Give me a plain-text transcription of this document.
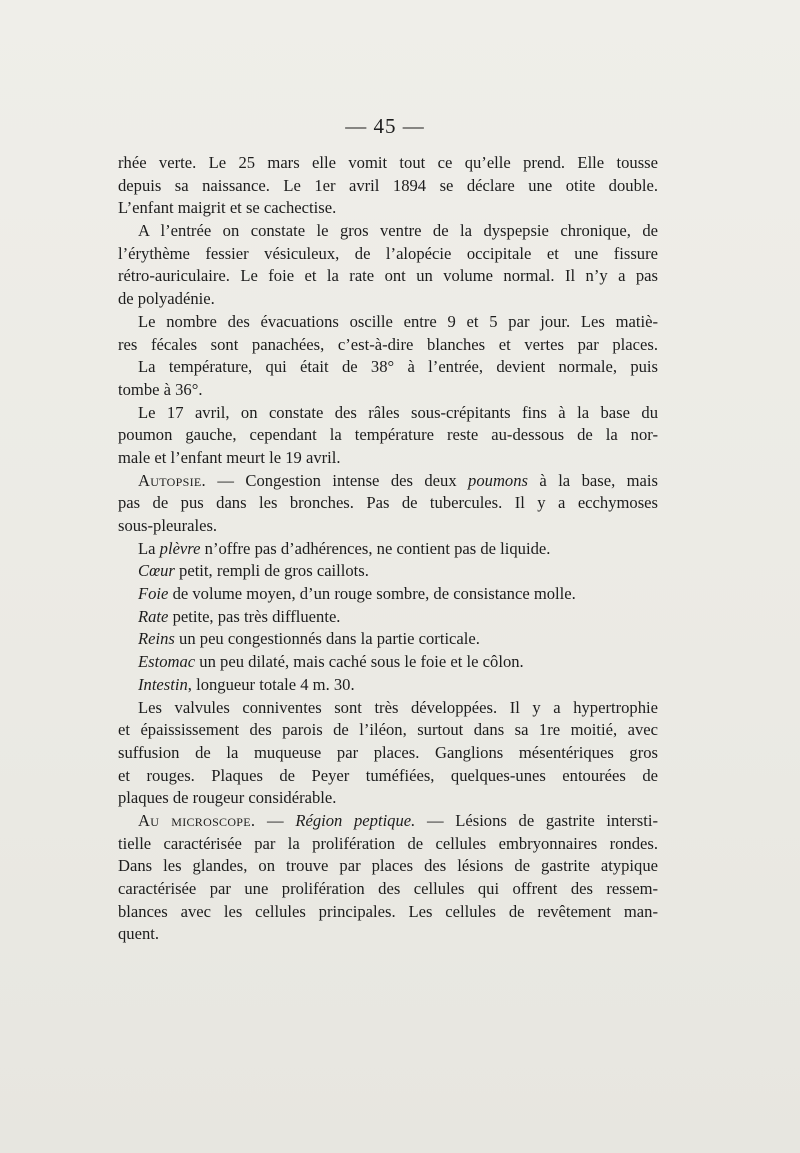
— 45 —
rhée verte. Le 25 mars elle vomit tout ce qu’elle prend. Elle tousse
depuis sa naissance. Le 1er avril 1894 se déclare une otite double.
L’enfant maigrit et se cachectise.
A l’entrée on constate le gros ventre de la dyspepsie chronique, de
l’érythème fessier vésiculeux, de l’alopécie occipitale et une fissure
rétro-auriculaire. Le foie et la rate ont un volume normal. Il n’y a pas
de polyadénie.
Le nombre des évacuations oscille entre 9 et 5 par jour. Les matiè-
res fécales sont panachées, c’est-à-dire blanches et vertes par places.
La température, qui était de 38° à l’entrée, devient normale, puis
tombe à 36°.
Le 17 avril, on constate des râles sous-crépitants fins à la base du
poumon gauche, cependant la température reste au-dessous de la nor-
male et l’enfant meurt le 19 avril.
Autopsie. — Congestion intense des deux poumons à la base, mais
pas de pus dans les bronches. Pas de tubercules. Il y a ecchymoses
sous-pleurales.
La plèvre n’offre pas d’adhérences, ne contient pas de liquide.
Cœur petit, rempli de gros caillots.
Foie de volume moyen, d’un rouge sombre, de consistance molle.
Rate petite, pas très diffluente.
Reins un peu congestionnés dans la partie corticale.
Estomac un peu dilaté, mais caché sous le foie et le côlon.
Intestin, longueur totale 4 m. 30.
Les valvules conniventes sont très développées. Il y a hypertrophie
et épaississement des parois de l’iléon, surtout dans sa 1re moitié, avec
suffusion de la muqueuse par places. Ganglions mésentériques gros
et rouges. Plaques de Peyer tuméfiées, quelques-unes entourées de
plaques de rougeur considérable.
Au microscope. — Région peptique. — Lésions de gastrite intersti-
tielle caractérisée par la prolifération de cellules embryonnaires rondes.
Dans les glandes, on trouve par places des lésions de gastrite atypique
caractérisée par une prolifération des cellules qui offrent des ressem-
blances avec les cellules principales. Les cellules de revêtement man-
quent.
